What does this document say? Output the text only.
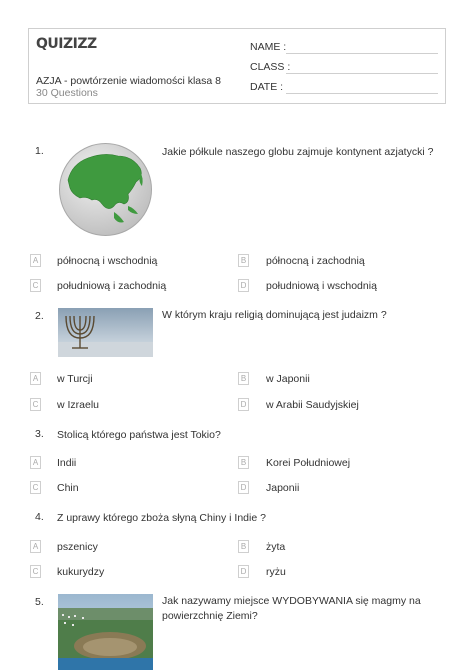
QUIZIZZ
AZJA - powtórzenie wiadomości klasa 8
30 Questions
NAME :
CLASS :
DATE :
1.	Jakie półkule naszego globu zajmuje kontynent azjatycki ?
A północną i wschodnią	B północną i zachodnią
C południową i zachodnią	D południową i wschodnią
2.	W którym kraju religią dominującą jest judaizm ?
A w Turcji	B w Japonii
C w Izraelu	D w Arabii Saudyjskiej
3. Stolicą którego państwa jest Tokio?
A Indii	B Korei Południowej
C Chin	D Japonii
4. Z uprawy którego zboża słyną Chiny i Indie ?
A pszenicy	B żyta
C kukurydzy	D ryżu
5.	Jak nazywamy miejsce WYDOBYWANIA się magmy na
powierzchnię Ziemi?
